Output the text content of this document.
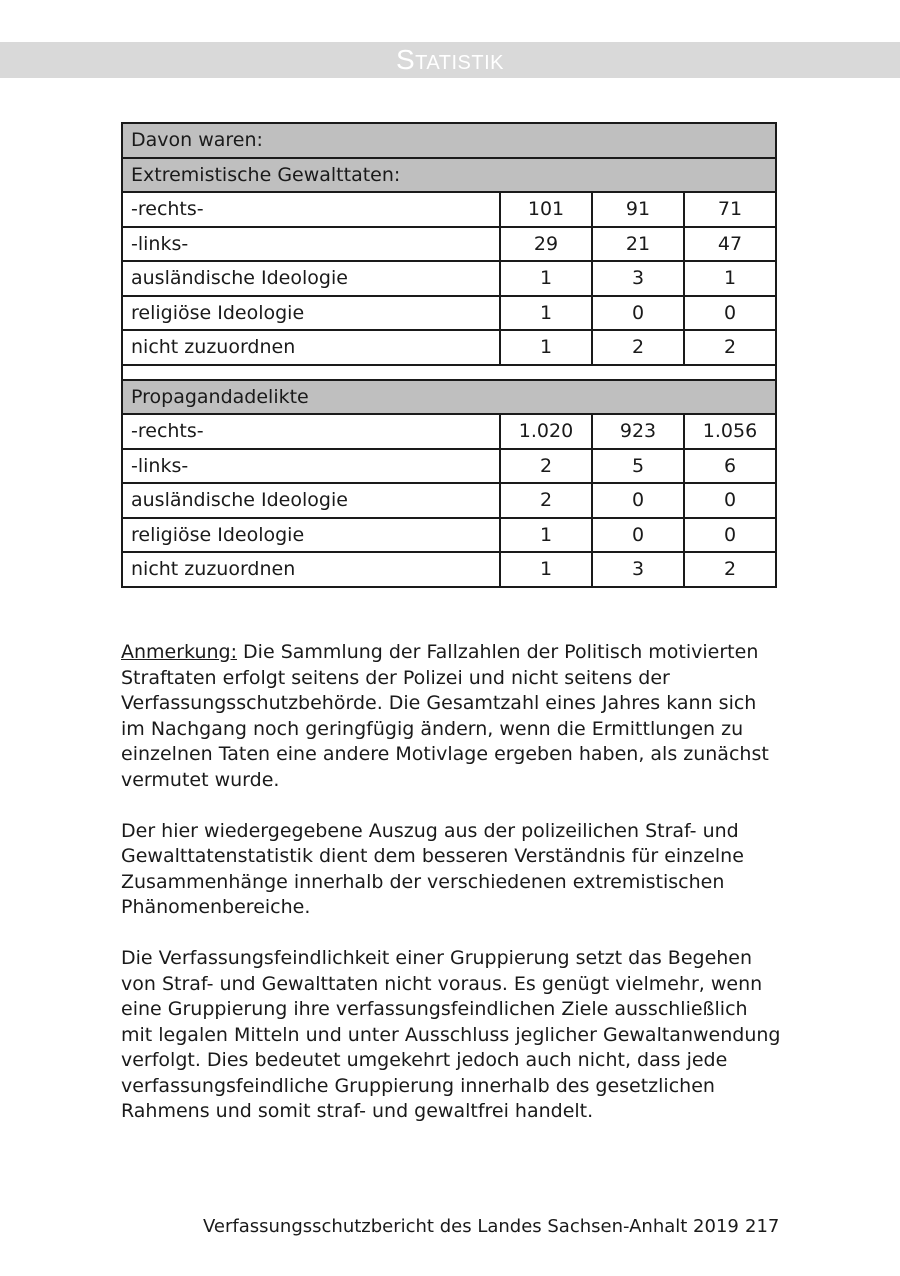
Statistik
Davon waren:			
Extremistische Gewalttaten:			
-rechts-	101	91	71
-links-	29	21	47
ausländische Ideologie	1	3	1
religiöse Ideologie	1	0	0
nicht zuzuordnen	1	2	2

Propagandadelikte			
-rechts-	1.020	923	1.056
-links-	2	5	6
ausländische Ideologie	2	0	0
religiöse Ideologie	1	0	0
nicht zuzuordnen	1	3	2

Anmerkung: Die Sammlung der Fallzahlen der Politisch motivierten Straftaten erfolgt seitens der Polizei und nicht seitens der Verfassungsschutzbehörde. Die Gesamtzahl eines Jahres kann sich im Nachgang noch geringfügig ändern, wenn die Ermittlungen zu einzelnen Taten eine andere Motivlage ergeben haben, als zunächst vermutet wurde.

Der hier wiedergegebene Auszug aus der polizeilichen Straf- und Gewalttatenstatistik dient dem besseren Verständnis für einzelne Zusammenhänge innerhalb der verschiedenen extremistischen Phänomenbereiche.

Die Verfassungsfeindlichkeit einer Gruppierung setzt das Begehen von Straf- und Gewalttaten nicht voraus. Es genügt vielmehr, wenn eine Gruppierung ihre verfassungsfeindlichen Ziele ausschließlich mit legalen Mitteln und unter Ausschluss jeglicher Gewaltanwendung verfolgt. Dies bedeutet umgekehrt jedoch auch nicht, dass jede verfassungsfeindliche Gruppierung innerhalb des gesetzlichen Rahmens und somit straf- und gewaltfrei handelt.

Verfassungsschutzbericht des Landes Sachsen-Anhalt 2019 217
